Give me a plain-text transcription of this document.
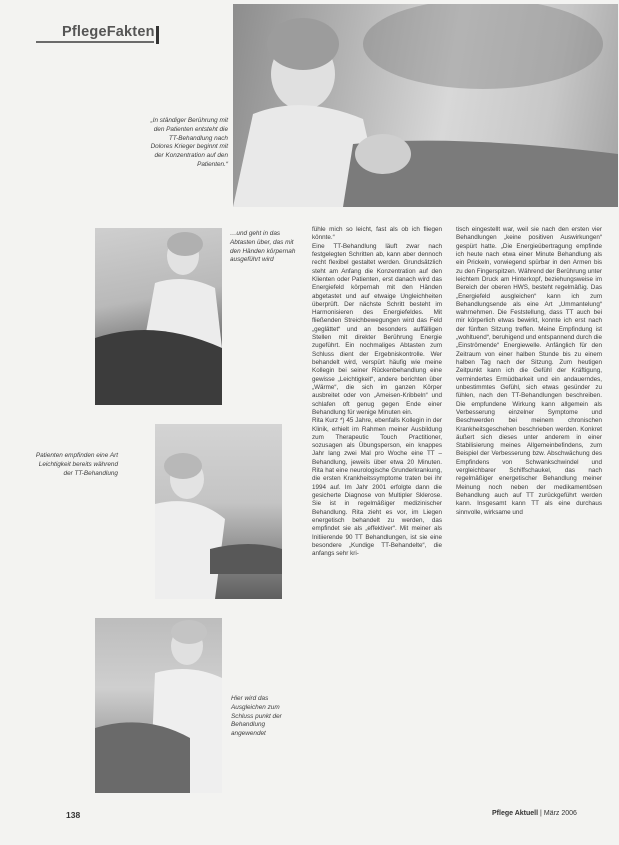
PflegeFakten
„In ständiger Berührung mit den Patienten entsteht die TT-Behandlung nach Dolores Krieger beginnt mit der Konzentration auf den Patienten.“
…und geht in das Abtasten über, das mit den Händen körpernah ausgeführt wird
Patienten empfinden eine Art Leichtigkeit bereits während der TT-Behandlung
Hier wird das Ausgleichen zum Schluss punkt der Behandlung angewendet
fühle mich so leicht, fast als ob ich fliegen könnte.“
Eine TT-Behandlung läuft zwar nach festgelegten Schritten ab, kann aber dennoch recht flexibel gestaltet werden. Grundsätzlich steht am Anfang die Konzentration auf den Klienten oder Patienten, erst danach wird das Energiefeld körpernah mit den Händen abgetastet und auf etwaige Ungleichheiten überprüft. Der nächste Schritt besteht im Harmonisieren des Energiefeldes. Mit fließenden Streichbewegungen wird das Feld „geglättet“ und an besonders auffälligen Stellen mit direkter Berührung Energie zugeführt. Ein nochmaliges Abtasten zum Schluss dient der Ergebniskontrolle. Wer behandelt wird, verspürt häufig wie meine Kollegin bei seiner Rückenbehandlung eine gewisse „Leichtigkeit“, andere berichten über „Wärme“, die sich im ganzen Körper ausbreitet oder von „Ameisen-Kribbeln“ und schlafen oft genug gegen Ende einer Behandlung für wenige Minuten ein.
Rita Kurz *) 45 Jahre, ebenfalls Kollegin in der Klinik, erhielt im Rahmen meiner Ausbildung zum Therapeutic Touch Practitioner, sozusagen als Übungsperson, ein knappes Jahr lang zwei Mal pro Woche eine TT – Behandlung, jeweils über etwa 20 Minuten. Rita hat eine neurologische Grunderkrankung, die ersten Krankheitssymptome traten bei ihr 1994 auf. Im Jahr 2001 erfolgte dann die gesicherte Diagnose von Multipler Sklerose. Sie ist in regelmäßiger medizinischer Behandlung. Rita zieht es vor, im Liegen energetisch behandelt zu werden, das empfindet sie als „effektiver“. Mit meiner als Initiierende 90 TT Behandlungen, ist sie eine besondere „Kundige TT-Behandelte“, die anfangs sehr kri-
tisch eingestellt war, weil sie nach den ersten vier Behandlungen „keine positiven Auswirkungen“ gespürt hatte. „Die Energieübertragung empfinde ich heute nach etwa einer Minute Behandlung als ein Prickeln, vorwiegend spürbar in den Armen bis zu den Fingerspitzen. Während der Berührung unter leichtem Druck am Hinterkopf, beziehungsweise im Bereich der oberen HWS, besteht regelmäßig. Das „Energiefeld ausgleichen“ kann ich zum Behandlungsende als eine Art „Ummantelung“ wahrnehmen. Die Feststellung, dass TT auch bei mir körperlich etwas bewirkt, konnte ich erst nach der fünften Sitzung treffen. Meine Empfindung ist „wohltuend“, beruhigend und entspannend durch die „Einströmende“ Energiewelle. Anfänglich für den Zeitraum von einer halben Stunde bis zu einem halben Tag nach der Sitzung. Zum heutigen Zeitpunkt kann ich die Gefühl der Kräftigung, vermindertes Ermüdbarkeit und ein andauerndes, unbestimmtes Gefühl, sich etwas gesünder zu fühlen, nach den TT-Behandlungen beschreiben. Die empfundene Wirkung kann allgemein als Verbesserung einzelner Symptome und Beschwerden bei meinem chronischen Krankheitsgeschehen beschrieben werden. Konkret äußert sich dieses unter anderem in einer Stabilisierung meines Allgemeinbefindens, zum Beispiel der Verbesserung bzw. Abschwächung des Empfindens von Schwankschwindel und vergleichbarer Schiffschaukel, das nach regelmäßiger energetischer Behandlung meiner Meinung noch neben der medikamentösen Behandlung auch auf TT zurückgeführt werden kann. Insgesamt kann TT als eine durchaus sinnvolle, wirksame und
138	Pflege Aktuell | März 2006
